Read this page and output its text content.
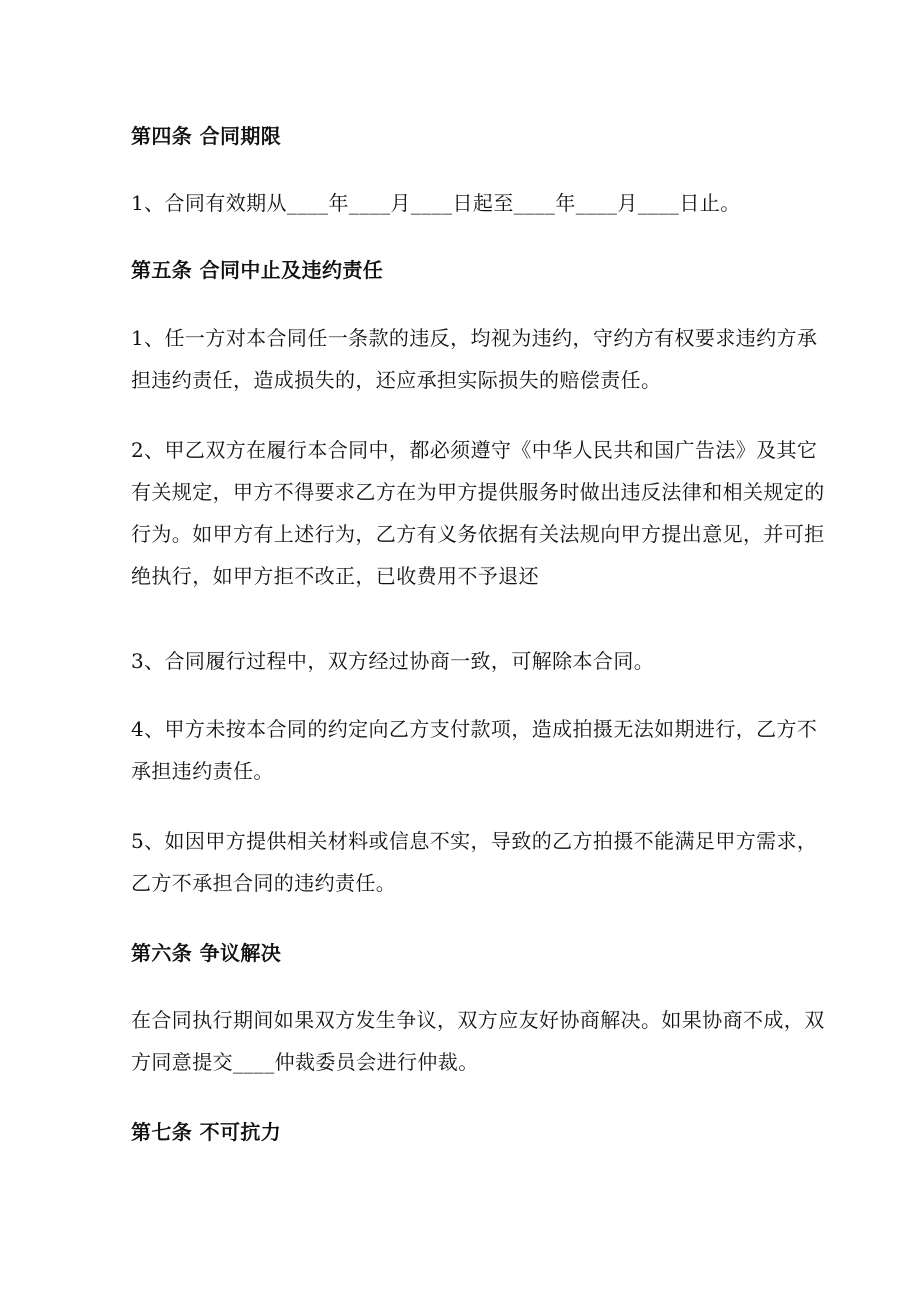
第四条 合同期限

1、合同有效期从____年____月____日起至____年____月____日止。

第五条 合同中止及违约责任

1、任一方对本合同任一条款的违反，均视为违约，守约方有权要求违约方承担违约责任，造成损失的，还应承担实际损失的赔偿责任。

2、甲乙双方在履行本合同中，都必须遵守《中华人民共和国广告法》及其它有关规定，甲方不得要求乙方在为甲方提供服务时做出违反法律和相关规定的行为。如甲方有上述行为，乙方有义务依据有关法规向甲方提出意见，并可拒绝执行，如甲方拒不改正，已收费用不予退还

3、合同履行过程中，双方经过协商一致，可解除本合同。

4、甲方未按本合同的约定向乙方支付款项，造成拍摄无法如期进行，乙方不承担违约责任。

5、如因甲方提供相关材料或信息不实，导致的乙方拍摄不能满足甲方需求，乙方不承担合同的违约责任。

第六条 争议解决

在合同执行期间如果双方发生争议，双方应友好协商解决。如果协商不成，双方同意提交____仲裁委员会进行仲裁。

第七条 不可抗力
